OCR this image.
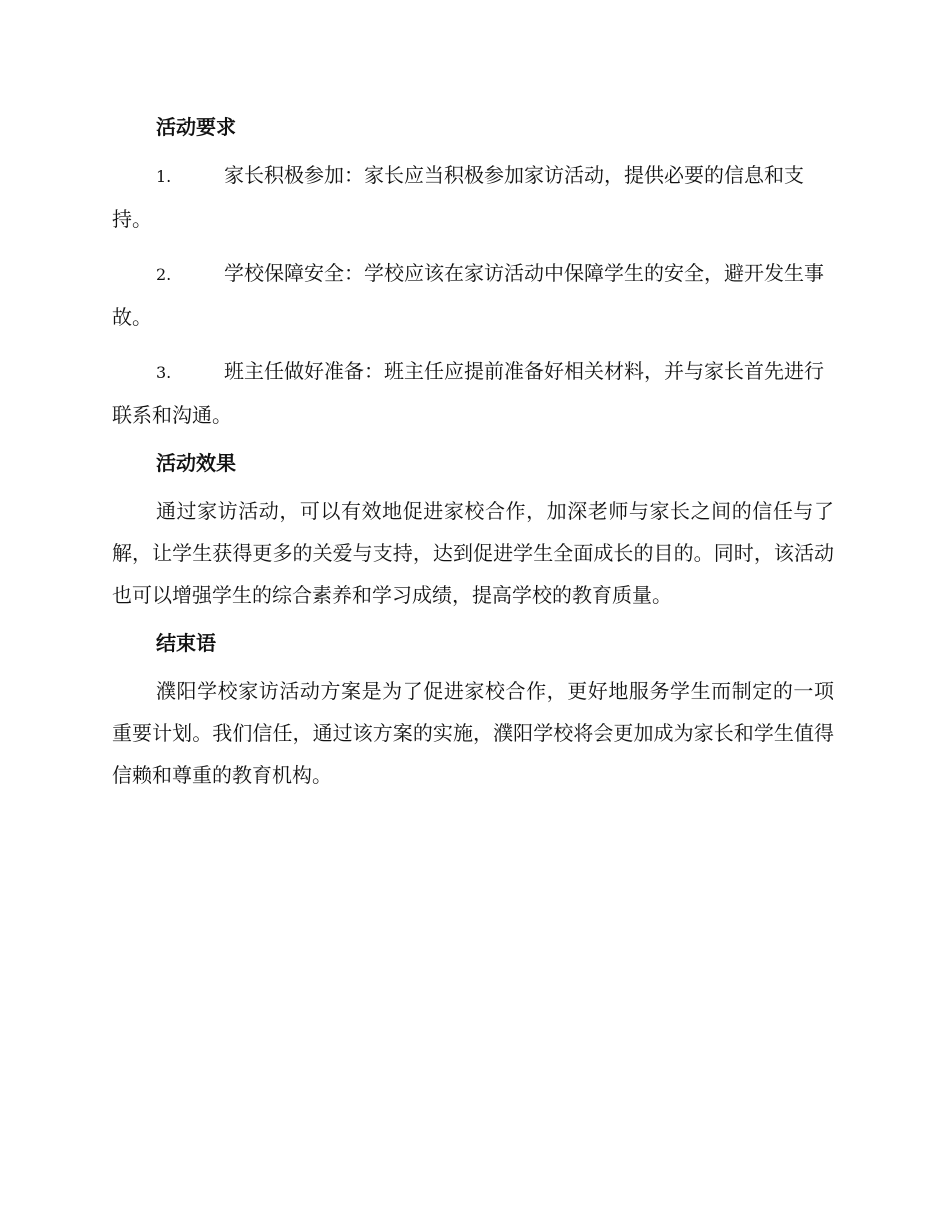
活动要求

1.	家长积极参加：家长应当积极参加家访活动，提供必要的信息和支持。

2.	学校保障安全：学校应该在家访活动中保障学生的安全，避开发生事故。

3.	班主任做好准备：班主任应提前准备好相关材料，并与家长首先进行联系和沟通。

活动效果

通过家访活动，可以有效地促进家校合作，加深老师与家长之间的信任与了解，让学生获得更多的关爱与支持，达到促进学生全面成长的目的。同时，该活动也可以增强学生的综合素养和学习成绩，提高学校的教育质量。

结束语

濮阳学校家访活动方案是为了促进家校合作，更好地服务学生而制定的一项重要计划。我们信任，通过该方案的实施，濮阳学校将会更加成为家长和学生值得信赖和尊重的教育机构。
